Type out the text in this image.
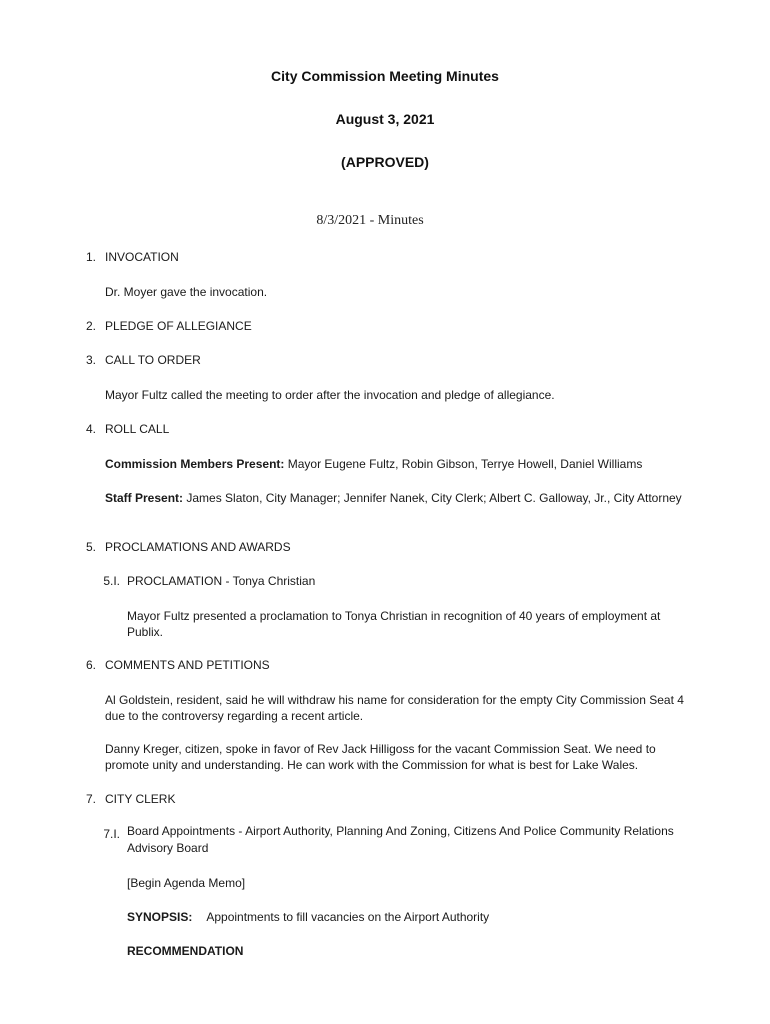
City Commission Meeting Minutes
August 3, 2021
(APPROVED)
8/3/2021 - Minutes
1. INVOCATION
Dr. Moyer gave the invocation.
2. PLEDGE OF ALLEGIANCE
3. CALL TO ORDER
Mayor Fultz called the meeting to order after the invocation and pledge of allegiance.
4. ROLL CALL
Commission Members Present: Mayor Eugene Fultz, Robin Gibson, Terrye Howell, Daniel Williams
Staff Present: James Slaton, City Manager; Jennifer Nanek, City Clerk; Albert C. Galloway, Jr., City Attorney
5. PROCLAMATIONS AND AWARDS
5.I. PROCLAMATION - Tonya Christian
Mayor Fultz presented a proclamation to Tonya Christian in recognition of 40 years of employment at Publix.
6. COMMENTS AND PETITIONS
Al Goldstein, resident, said he will withdraw his name for consideration for the empty City Commission Seat 4 due to the controversy regarding a recent article.
Danny Kreger, citizen, spoke in favor of Rev Jack Hilligoss for the vacant Commission Seat. We need to promote unity and understanding. He can work with the Commission for what is best for Lake Wales.
7. CITY CLERK
7.I. Board Appointments - Airport Authority, Planning And Zoning, Citizens And Police Community Relations Advisory Board
[Begin Agenda Memo]
SYNOPSIS: Appointments to fill vacancies on the Airport Authority
RECOMMENDATION
